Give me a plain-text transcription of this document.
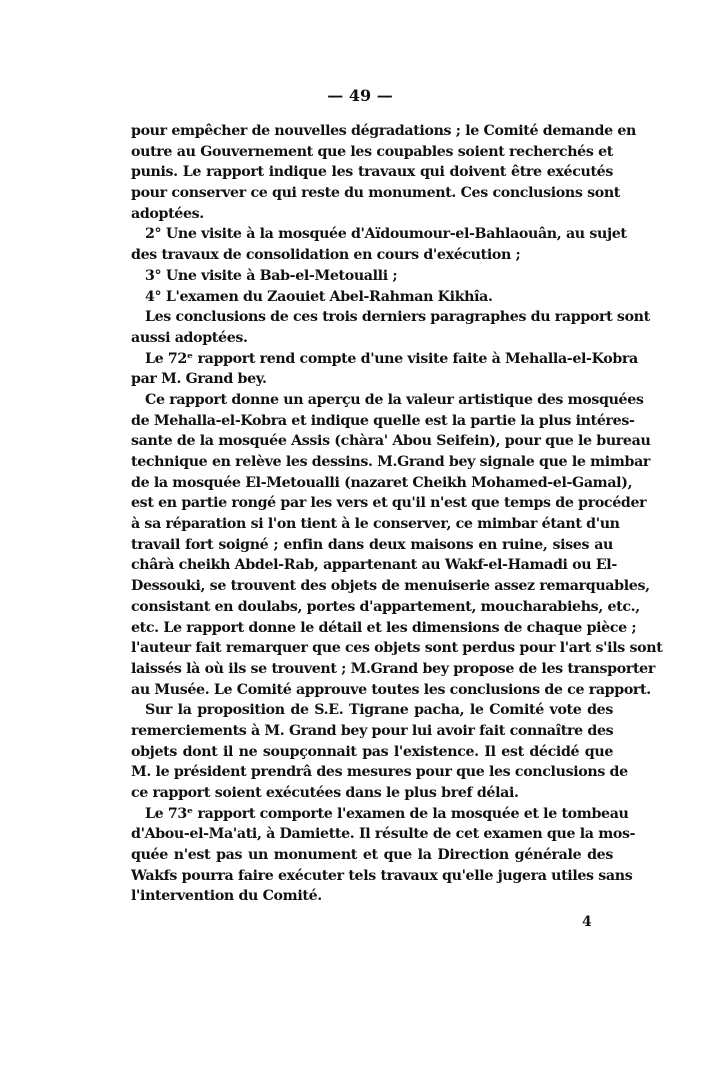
— 49 —
pour empêcher de nouvelles dégradations ; le Comité demande en
outre au Gouvernement que les coupables soient recherchés et
punis. Le rapport indique les travaux qui doivent être exécutés
pour conserver ce qui reste du monument. Ces conclusions sont
adoptées.
2° Une visite à la mosquée d'Aïdoumour-el-Bahlaouân, au sujet
des travaux de consolidation en cours d'exécution ;
3° Une visite à Bab-el-Metoualli ;
4° L'examen du Zaouiet Abel-Rahman Kikhîa.
Les conclusions de ces trois derniers paragraphes du rapport sont
aussi adoptées.
Le 72ᵉ rapport rend compte d'une visite faite à Mehalla-el-Kobra
par M. Grand bey.
Ce rapport donne un aperçu de la valeur artistique des mosquées
de Mehalla-el-Kobra et indique quelle est la partie la plus intéres-
sante de la mosquée Assis (chàra' Abou Seifein), pour que le bureau
technique en relève les dessins. M.Grand bey signale que le mimbar
de la mosquée El-Metoualli (nazaret Cheikh Mohamed-el-Gamal),
est en partie rongé par les vers et qu'il n'est que temps de procéder
à sa réparation si l'on tient à le conserver, ce mimbar étant d'un
travail fort soigné ; enfin dans deux maisons en ruine, sises au
chârà cheikh Abdel-Rab, appartenant au Wakf-el-Hamadi ou El-
Dessouki, se trouvent des objets de menuiserie assez remarquables,
consistant en doulabs, portes d'appartement, moucharabiehs, etc.,
etc. Le rapport donne le détail et les dimensions de chaque pièce ;
l'auteur fait remarquer que ces objets sont perdus pour l'art s'ils sont
laissés là où ils se trouvent ; M.Grand bey propose de les transporter
au Musée. Le Comité approuve toutes les conclusions de ce rapport.
Sur la proposition de S.E. Tigrane pacha, le Comité vote des
remerciements à M. Grand bey pour lui avoir fait connaître des
objets dont il ne soupçonnait pas l'existence. Il est décidé que
M. le président prendrâ des mesures pour que les conclusions de
ce rapport soient exécutées dans le plus bref délai.
Le 73ᵉ rapport comporte l'examen de la mosquée et le tombeau
d'Abou-el-Ma'ati, à Damiette. Il résulte de cet examen que la mos-
quée n'est pas un monument et que la Direction générale des
Wakfs pourra faire exécuter tels travaux qu'elle jugera utiles sans
l'intervention du Comité.
4
